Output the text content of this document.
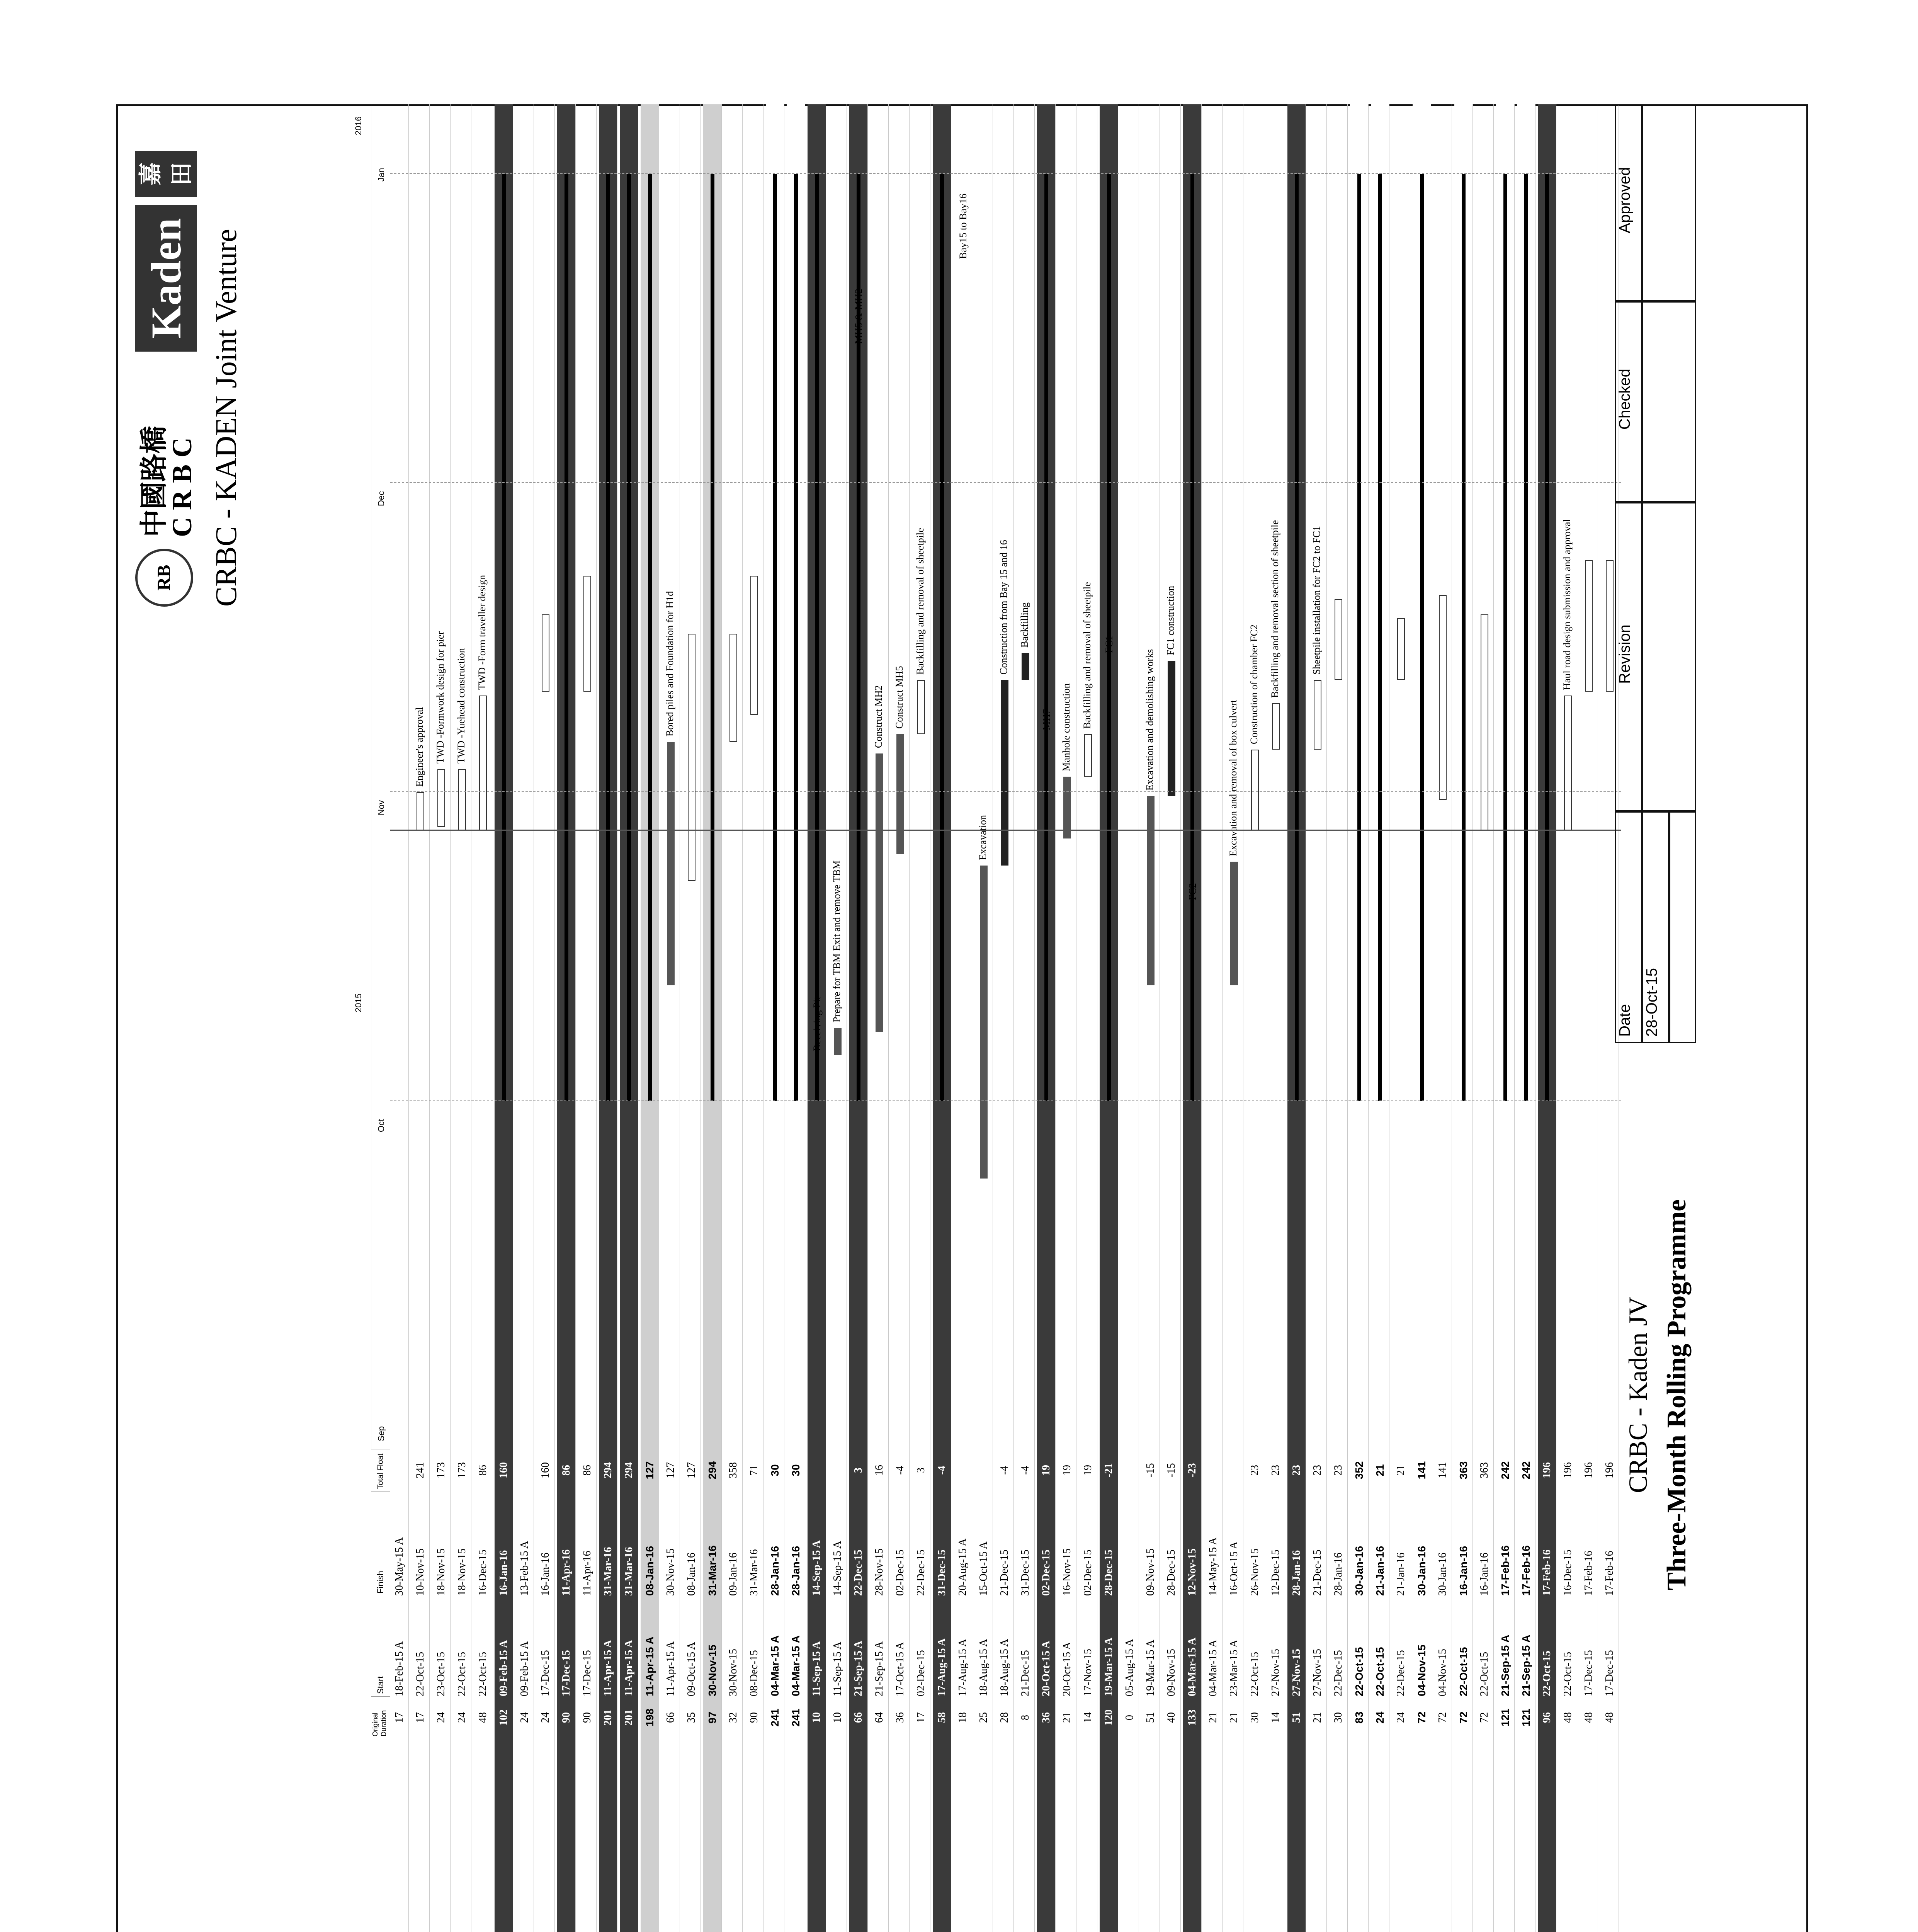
RB
中國路橋
C R B C
Kaden
嘉 田
CRBC - KADEN Joint Venture
Original Duration
Start
Finish
Total Float
2015
2016
Sep
Oct
Nov
Dec
Jan
17
18-Feb-15 A
30-May-15 A
17
22-Oct-15
10-Nov-15
241
Engineer's approval
24
23-Oct-15
18-Nov-15
173
TWD -Formwork design for pier
24
22-Oct-15
18-Nov-15
173
TWD -Yuehead construction
48
22-Oct-15
16-Dec-15
86
TWD -Form traveller design
102
09-Feb-15 A
16-Jan-16
160
24
09-Feb-15 A
13-Feb-15 A
24
17-Dec-15
16-Jan-16
160
90
17-Dec-15
11-Apr-16
86
90
17-Dec-15
11-Apr-16
86
201
11-Apr-15 A
31-Mar-16
294
201
11-Apr-15 A
31-Mar-16
294
198
11-Apr-15 A
08-Jan-16
127
66
11-Apr-15 A
30-Nov-15
127
Bored piles and Foundation for H1d
35
09-Oct-15 A
08-Jan-16
127
97
30-Nov-15
31-Mar-16
294
32
30-Nov-15
09-Jan-16
358
90
08-Dec-15
31-Mar-16
71
241
04-Mar-15 A
28-Jan-16
30
241
04-Mar-15 A
28-Jan-16
30
10
11-Sep-15 A
14-Sep-15 A
10
11-Sep-15 A
14-Sep-15 A
Prepare for TBM Exit and remove TBM
66
21-Sep-15 A
22-Dec-15
3
64
21-Sep-15 A
28-Nov-15
16
Construct MH2
36
17-Oct-15 A
02-Dec-15
-4
Construct MH5
17
02-Dec-15
22-Dec-15
3
Backfilling and removal of sheetpile
58
17-Aug-15 A
31-Dec-15
-4
18
17-Aug-15 A
20-Aug-15 A
25
18-Aug-15 A
15-Oct-15 A
Excavation
28
18-Aug-15 A
21-Dec-15
-4
Construction from Bay 15 and 16
8
21-Dec-15
31-Dec-15
-4
Backfilling
36
20-Oct-15 A
02-Dec-15
19
21
20-Oct-15 A
16-Nov-15
19
Manhole construction
14
17-Nov-15
02-Dec-15
19
Backfilling and removal of sheetpile
120
19-Mar-15 A
28-Dec-15
-21
0
05-Aug-15 A
51
19-Mar-15 A
09-Nov-15
-15
Excavation and demolishing works
40
09-Nov-15
28-Dec-15
-15
FC1 construction
133
04-Mar-15 A
12-Nov-15
-23
21
04-Mar-15 A
14-May-15 A
21
23-Mar-15 A
16-Oct-15 A
Excavation and removal of box culvert
30
22-Oct-15
26-Nov-15
23
Construction of chamber FC2
14
27-Nov-15
12-Dec-15
23
Backfilling and removal section of sheetpile
51
27-Nov-15
28-Jan-16
23
21
27-Nov-15
21-Dec-15
23
Sheetpile installation for FC2 to FC1
30
22-Dec-15
28-Jan-16
23
83
22-Oct-15
30-Jan-16
352
24
22-Oct-15
21-Jan-16
21
24
22-Dec-15
21-Jan-16
21
72
04-Nov-15
30-Jan-16
141
72
04-Nov-15
30-Jan-16
141
72
22-Oct-15
16-Jan-16
363
72
22-Oct-15
16-Jan-16
363
121
21-Sep-15 A
17-Feb-16
242
121
21-Sep-15 A
17-Feb-16
242
96
22-Oct-15
17-Feb-16
196
48
22-Oct-15
16-Dec-15
196
Haul road design submission and approval
48
17-Dec-15
17-Feb-16
196
48
17-Dec-15
17-Feb-16
196
Receiving Pit
MH5 & MH2
Bay15 to Bay16
MH7
FC1
FC2
CRBC - Kaden JV Three-Month Rolling Programme
Date 28-Oct-15
Revision
Checked
Approved
